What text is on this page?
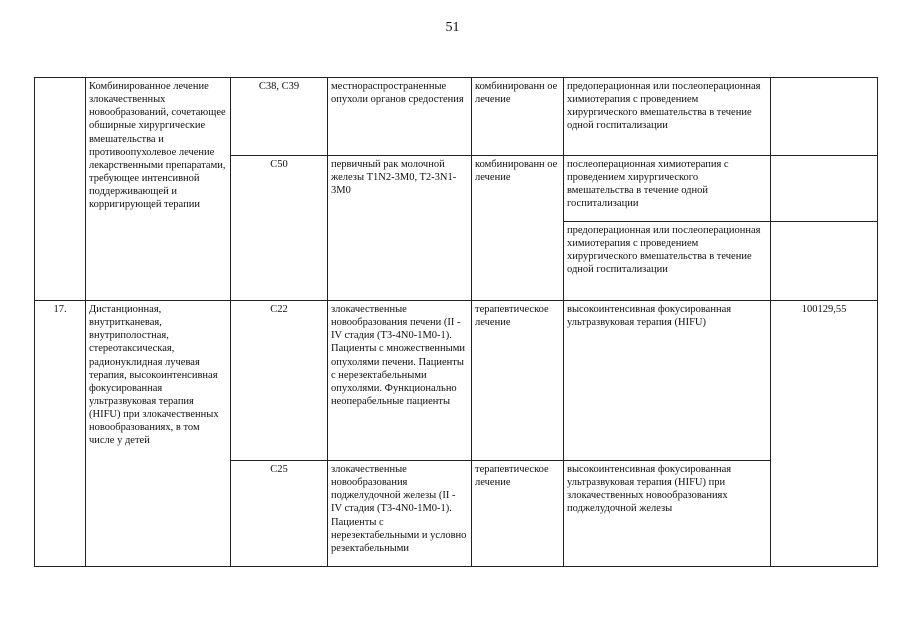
51
	Комбинированное лечение злокачественных новообразований, сочетающее обширные хирургические вмешательства и противоопухолевое лечение лекарственными препаратами, требующее интенсивной поддерживающей и корригирующей терапии	C38, C39	местнораспространенные опухоли органов средостения	комбинированн ое лечение	предоперационная или послеоперационная химиотерапия с проведением хирургического вмешательства в течение одной госпитализации	
		C50	первичный рак молочной железы T1N2-3M0, T2-3N1-3M0	комбинированн ое лечение	послеоперационная химиотерапия с проведением хирургического вмешательства в течение одной госпитализации	
					предоперационная или послеоперационная химиотерапия с проведением хирургического вмешательства в течение одной госпитализации	
17.	Дистанционная, внутритканевая, внутриполостная, стереотаксическая, радионуклидная лучевая терапия, высокоинтенсивная фокусированная ультразвуковая терапия (HIFU) при злокачественных новообразованиях, в том числе у детей	C22	злокачественные новообразования печени (II - IV стадия (T3-4N0-1M0-1). Пациенты с множественными опухолями печени. Пациенты с нерезектабельными опухолями. Функционально неоперабельные пациенты	терапевтическое лечение	высокоинтенсивная фокусированная ультразвуковая терапия (HIFU)	100129,55
		C25	злокачественные новообразования поджелудочной железы (II - IV стадия (T3-4N0-1M0-1). Пациенты с нерезектабельными и условно резектабельными	терапевтическое лечение	высокоинтенсивная фокусированная ультразвуковая терапия (HIFU) при злокачественных новообразованиях поджелудочной железы	
